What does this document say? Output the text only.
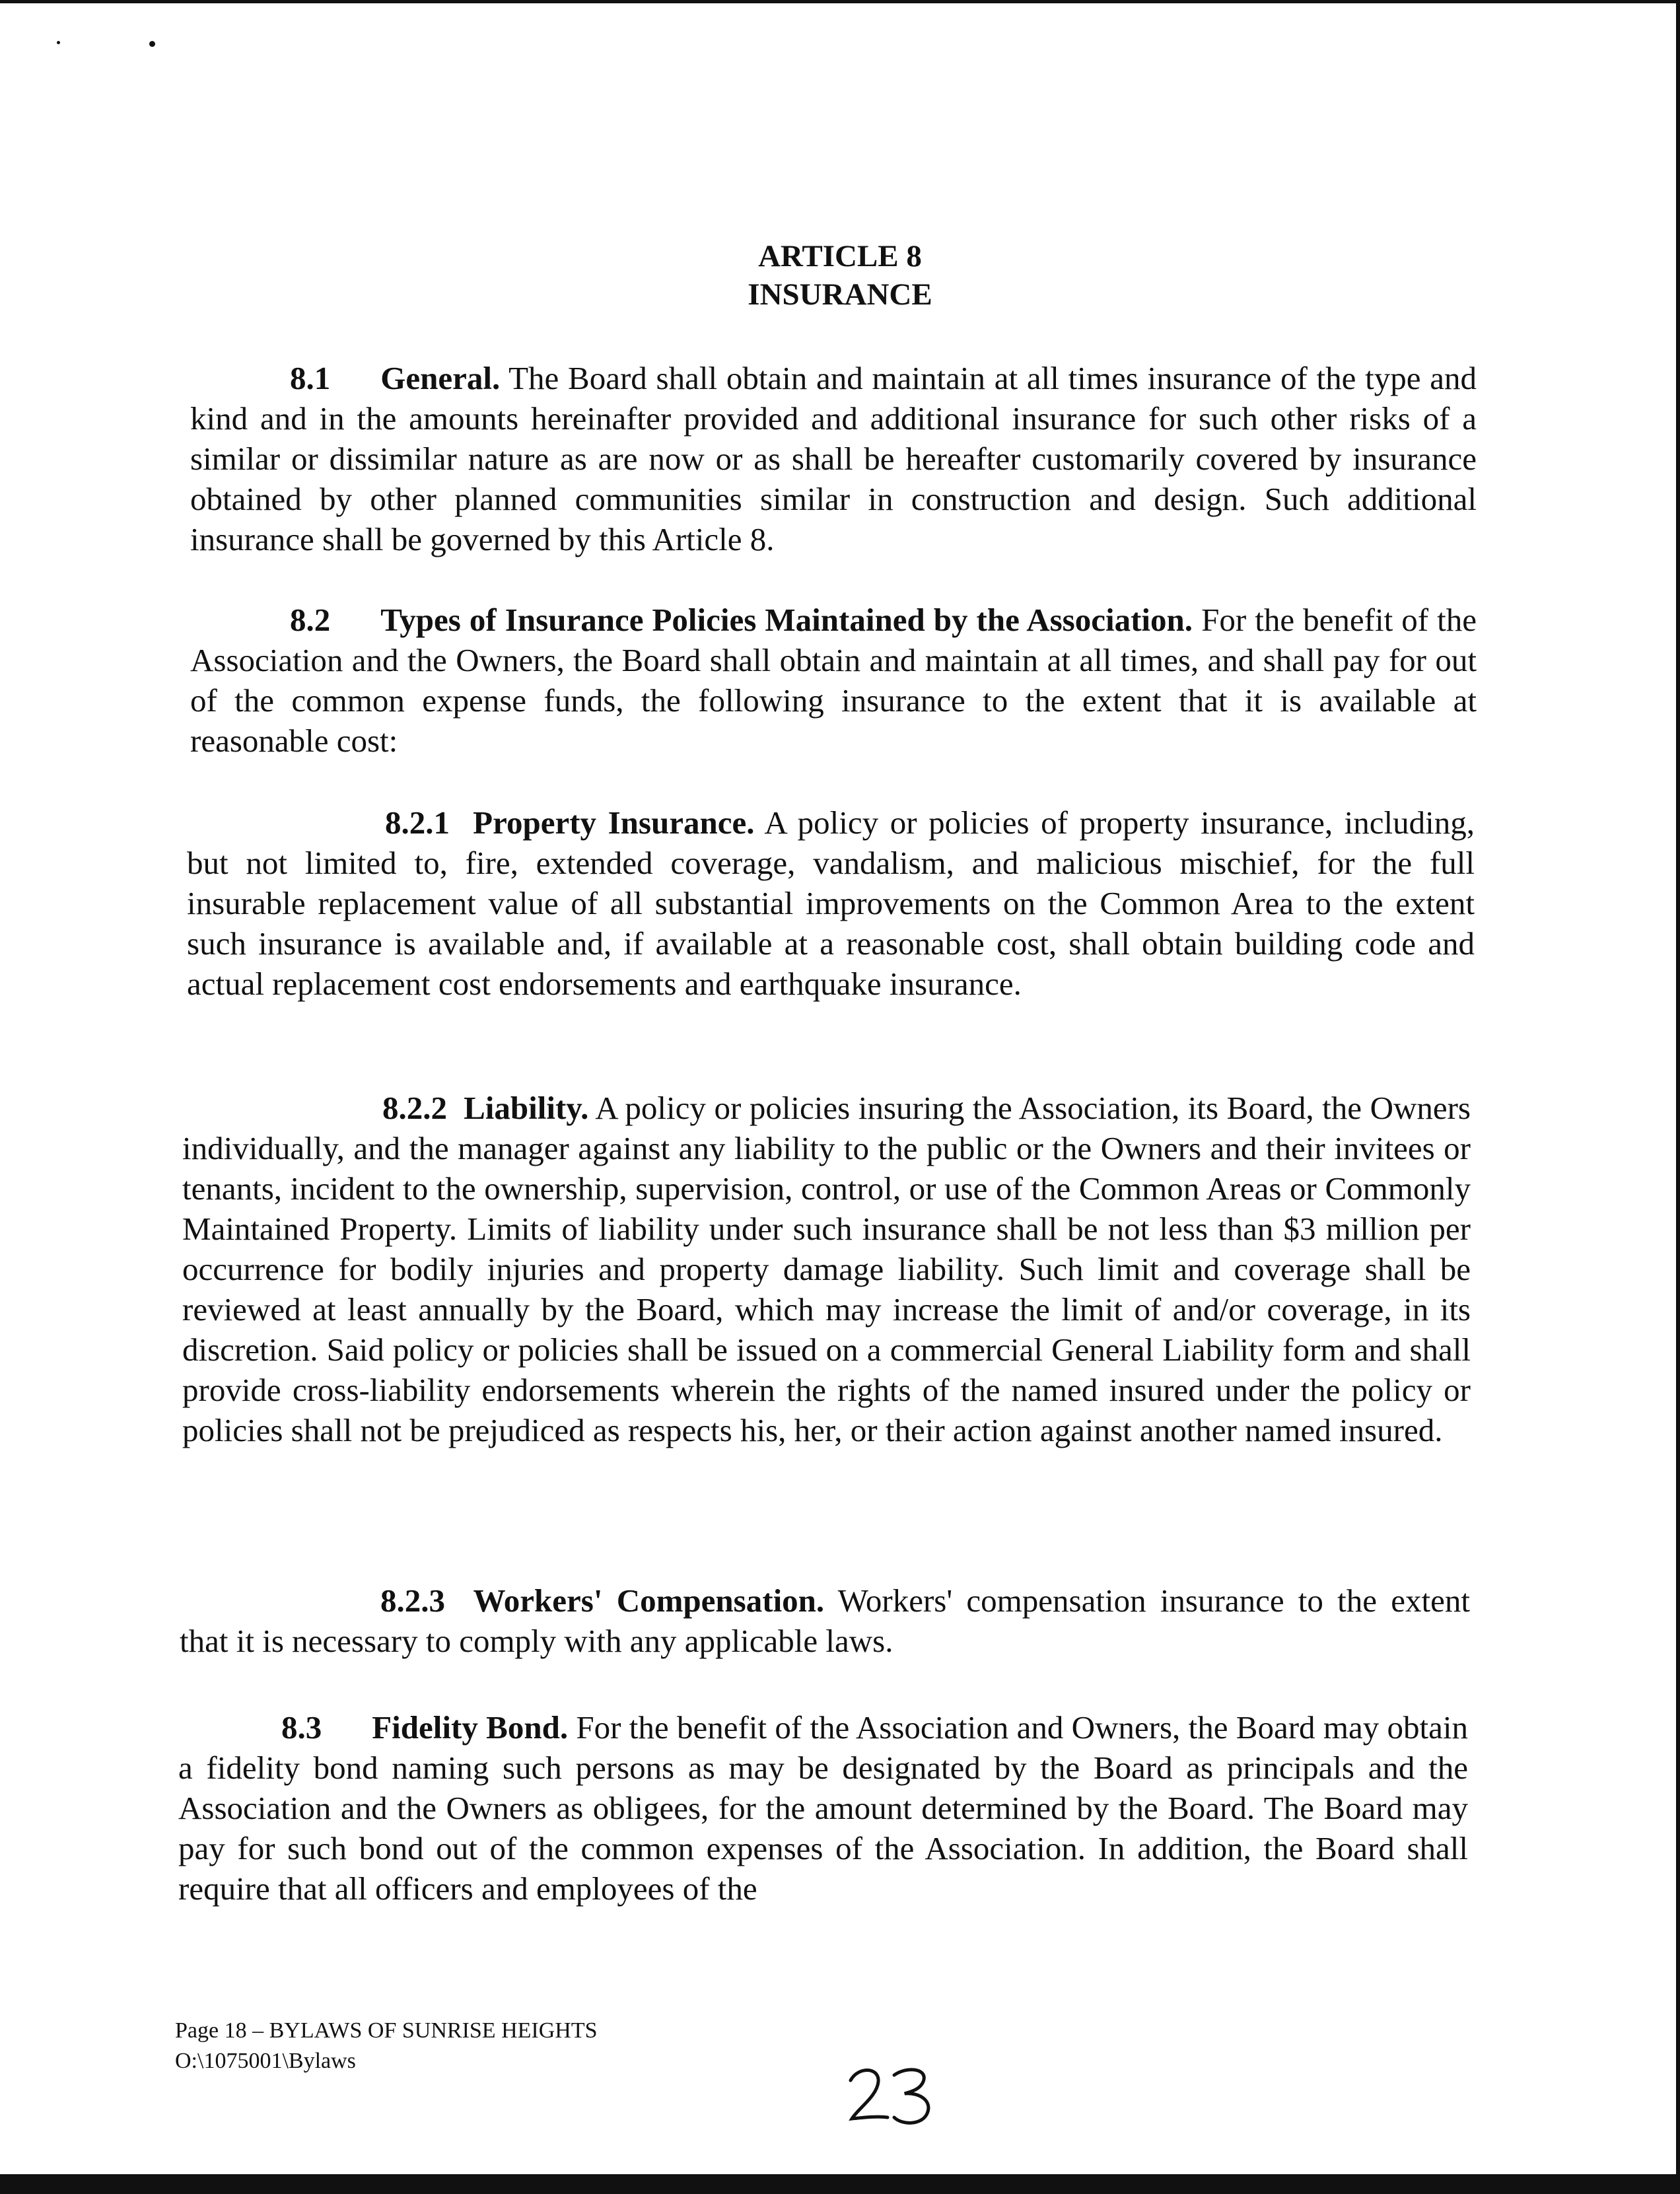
ARTICLE 8
INSURANCE

8.1 General. The Board shall obtain and maintain at all times insurance of the type and kind and in the amounts hereinafter provided and additional insurance for such other risks of a similar or dissimilar nature as are now or as shall be hereafter customarily covered by insurance obtained by other planned communities similar in construction and design. Such additional insurance shall be governed by this Article 8.

8.2 Types of Insurance Policies Maintained by the Association. For the benefit of the Association and the Owners, the Board shall obtain and maintain at all times, and shall pay for out of the common expense funds, the following insurance to the extent that it is available at reasonable cost:

8.2.1 Property Insurance. A policy or policies of property insurance, including, but not limited to, fire, extended coverage, vandalism, and malicious mischief, for the full insurable replacement value of all substantial improvements on the Common Area to the extent such insurance is available and, if available at a reasonable cost, shall obtain building code and actual replacement cost endorsements and earthquake insurance.

8.2.2 Liability. A policy or policies insuring the Association, its Board, the Owners individually, and the manager against any liability to the public or the Owners and their invitees or tenants, incident to the ownership, supervision, control, or use of the Common Areas or Commonly Maintained Property. Limits of liability under such insurance shall be not less than $3 million per occurrence for bodily injuries and property damage liability. Such limit and coverage shall be reviewed at least annually by the Board, which may increase the limit of and/or coverage, in its discretion. Said policy or policies shall be issued on a commercial General Liability form and shall provide cross-liability endorsements wherein the rights of the named insured under the policy or policies shall not be prejudiced as respects his, her, or their action against another named insured.

8.2.3 Workers' Compensation. Workers' compensation insurance to the extent that it is necessary to comply with any applicable laws.

8.3 Fidelity Bond. For the benefit of the Association and Owners, the Board may obtain a fidelity bond naming such persons as may be designated by the Board as principals and the Association and the Owners as obligees, for the amount determined by the Board. The Board may pay for such bond out of the common expenses of the Association. In addition, the Board shall require that all officers and employees of the

Page 18 – BYLAWS OF SUNRISE HEIGHTS
O:\1075001\Bylaws
